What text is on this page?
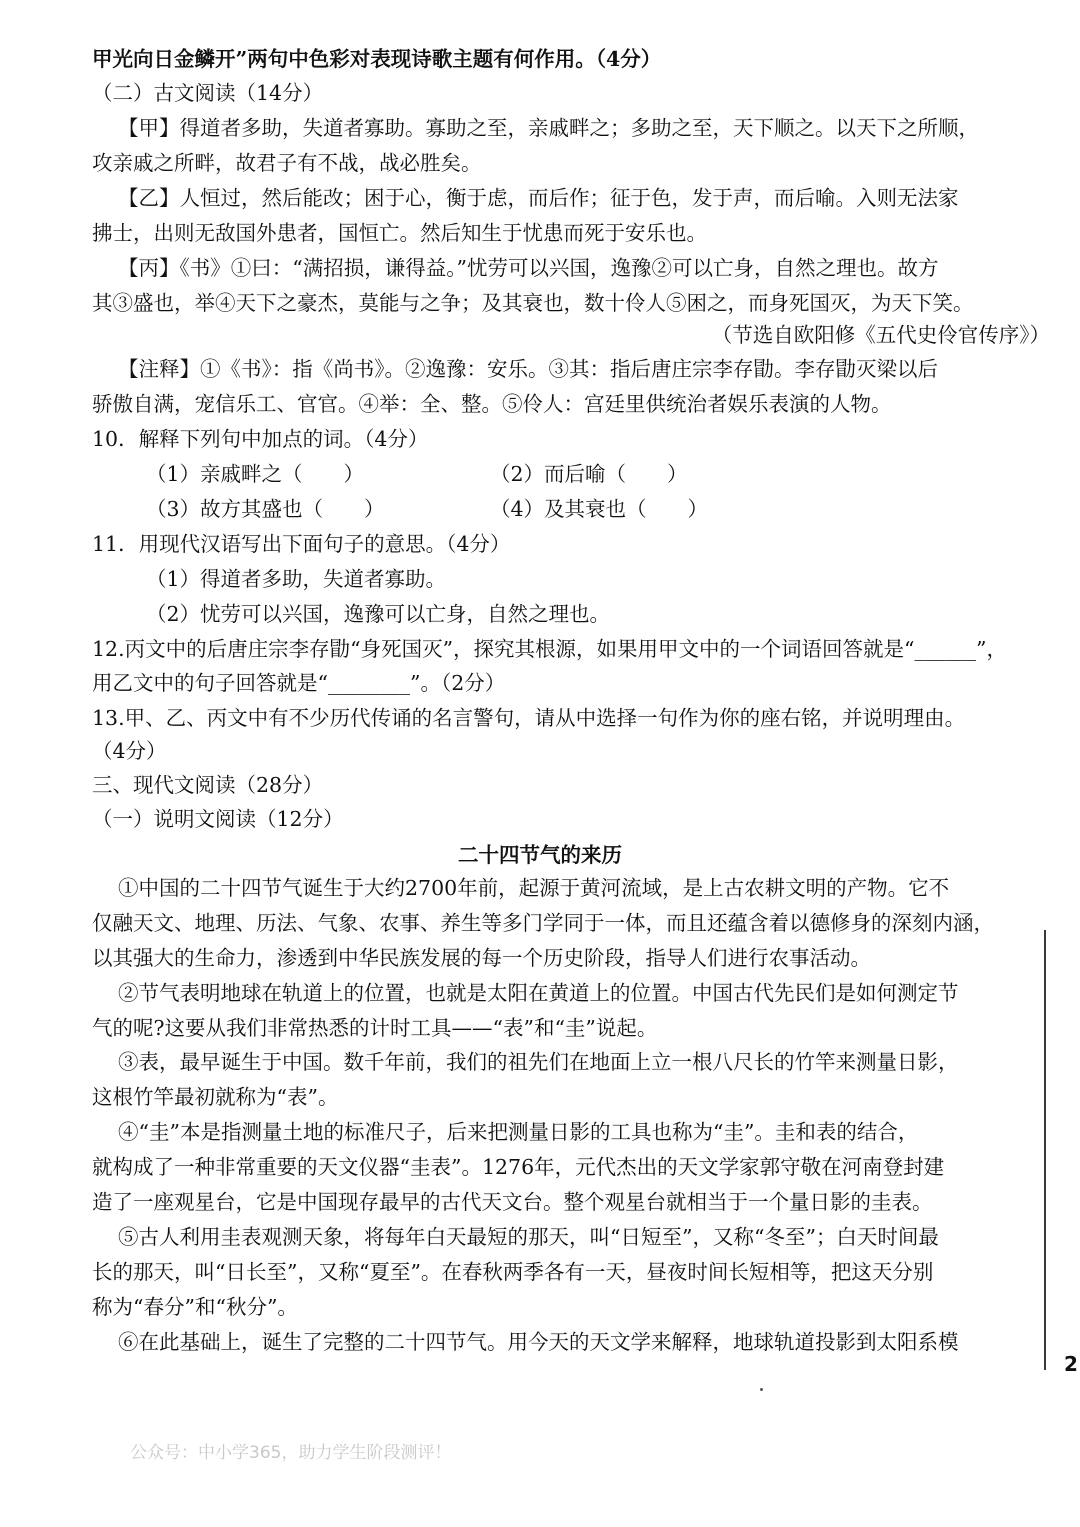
甲光向日金鳞开”两句中色彩对表现诗歌主题有何作用。（4分）
（二）古文阅读（14分）
【甲】得道者多助，失道者寡助。寡助之至，亲戚畔之；多助之至，天下顺之。以天下之所顺，
攻亲戚之所畔，故君子有不战，战必胜矣。
【乙】人恒过，然后能改；困于心，衡于虑，而后作；征于色，发于声，而后喻。入则无法家
拂士，出则无敌国外患者，国恒亡。然后知生于忧患而死于安乐也。
【丙】《书》①曰：“满招损，谦得益。”忧劳可以兴国，逸豫②可以亡身，自然之理也。故方
其③盛也，举④天下之豪杰，莫能与之争；及其衰也，数十伶人⑤困之，而身死国灭，为天下笑。
（节选自欧阳修《五代史伶官传序》）
【注释】①《书》：指《尚书》。②逸豫：安乐。③其：指后唐庄宗李存勖。李存勖灭梁以后
骄傲自满，宠信乐工、官官。④举：全、整。⑤伶人：宫廷里供统治者娱乐表演的人物。
10．解释下列句中加点的词。（4分）
（1）亲戚畔之（　　）	（2）而后喻（　　）
（3）故方其盛也（　　）	（4）及其衰也（　　）
11．用现代汉语写出下面句子的意思。（4分）
（1）得道者多助，失道者寡助。
（2）忧劳可以兴国，逸豫可以亡身，自然之理也。
12.丙文中的后唐庄宗李存勖“身死国灭”，探究其根源，如果用甲文中的一个词语回答就是“______”，
用乙文中的句子回答就是“________”。（2分）
13.甲、乙、丙文中有不少历代传诵的名言警句，请从中选择一句作为你的座右铭，并说明理由。
（4分）
三、现代文阅读（28分）
（一）说明文阅读（12分）
二十四节气的来历
①中国的二十四节气诞生于大约2700年前，起源于黄河流域，是上古农耕文明的产物。它不
仅融天文、地理、历法、气象、农事、养生等多门学同于一体，而且还蕴含着以德修身的深刻内涵，
以其强大的生命力，渗透到中华民族发展的每一个历史阶段，指导人们进行农事活动。
②节气表明地球在轨道上的位置，也就是太阳在黄道上的位置。中国古代先民们是如何测定节
气的呢?这要从我们非常热悉的计时工具——“表”和“圭”说起。
③表，最早诞生于中国。数千年前，我们的祖先们在地面上立一根八尺长的竹竿来测量日影，
这根竹竿最初就称为“表”。
④“圭”本是指测量土地的标准尺子，后来把测量日影的工具也称为“圭”。圭和表的结合，
就构成了一种非常重要的天文仪器“圭表”。1276年，元代杰出的天文学家郭守敬在河南登封建
造了一座观星台，它是中国现存最早的古代天文台。整个观星台就相当于一个量日影的圭表。
⑤古人利用圭表观测天象，将每年白天最短的那天，叫“日短至”，又称“冬至”；白天时间最
长的那天，叫“日长至”，又称“夏至”。在春秋两季各有一天，昼夜时间长短相等，把这天分别
称为“春分”和“秋分”。
⑥在此基础上，诞生了完整的二十四节气。用今天的天文学来解释，地球轨道投影到太阳系模
2
公众号：中小学365，助力学生阶段测评！
